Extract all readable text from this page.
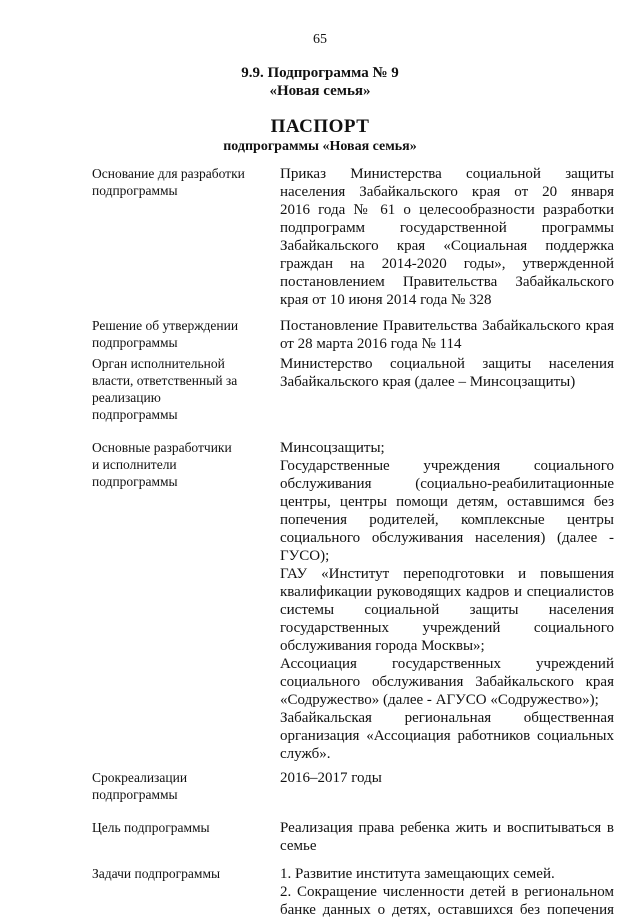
65
9.9. Подпрограмма № 9
«Новая семья»
ПАСПОРТ
подпрограммы «Новая семья»
Основание для разработки
подпрограммы
Приказ Министерства социальной защиты
населения Забайкальского края от 20 января
2016 года № 61 о целесообразности разработки
подпрограмм государственной программы
Забайкальского края «Социальная поддержка
граждан на 2014-2020 годы», утвержденной
постановлением Правительства Забайкальского
края от 10 июня 2014 года № 328
Решение об утверждении
подпрограммы
Постановление Правительства Забайкальского края
от 28 марта 2016 года № 114
Орган исполнительной
власти, ответственный за
реализацию
подпрограммы
Министерство социальной защиты населения
Забайкальского края (далее – Минсоцзащиты)
Основные разработчики
и исполнители
подпрограммы
Минсоцзащиты;
Государственные учреждения социального
обслуживания (социально-реабилитационные
центры, центры помощи детям, оставшимся без
попечения родителей, комплексные центры
социального обслуживания населения) (далее -
ГУСО);
ГАУ «Институт переподготовки и повышения
квалификации руководящих кадров и специалистов
системы социальной защиты населения
государственных учреждений социального
обслуживания города Москвы»;
Ассоциация государственных учреждений
социального обслуживания Забайкальского края
«Содружество» (далее - АГУСО «Содружество»);
Забайкальская региональная общественная
организация «Ассоциация работников социальных
служб».
Срокреализации
подпрограммы
2016–2017 годы
Цель подпрограммы	Реализация права ребенка жить и воспитываться в
семье
Задачи подпрограммы	1. Развитие института замещающих семей.
2. Сокращение численности детей в региональном
банке данных о детях, оставшихся без попечения
